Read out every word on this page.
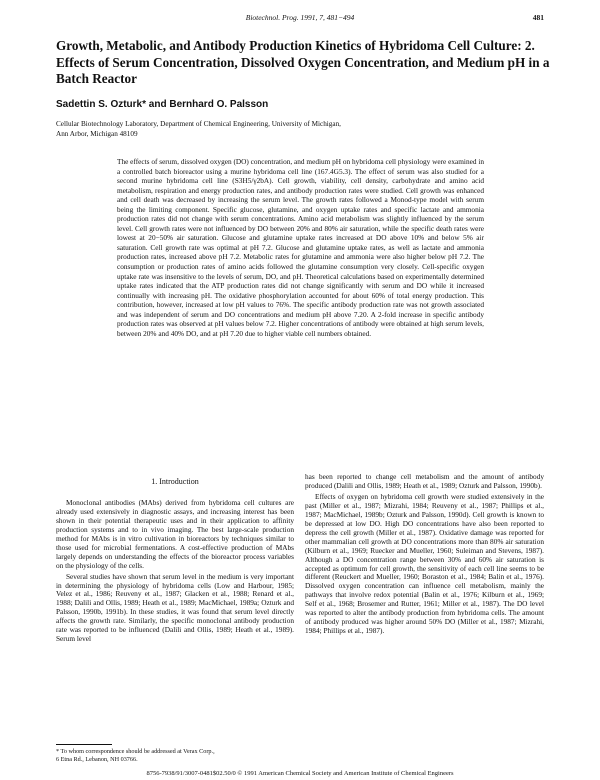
Biotechnol. Prog. 1991, 7, 481−494	481
Growth, Metabolic, and Antibody Production Kinetics of Hybridoma Cell Culture: 2. Effects of Serum Concentration, Dissolved Oxygen Concentration, and Medium pH in a Batch Reactor
Sadettin S. Ozturk* and Bernhard O. Palsson
Cellular Biotechnology Laboratory, Department of Chemical Engineering, University of Michigan,
Ann Arbor, Michigan 48109

The effects of serum, dissolved oxygen (DO) concentration, and medium pH on hybridoma cell physiology were examined in a controlled batch bioreactor using a murine hybridoma cell line (167.4G5.3). The effect of serum was also studied for a second murine hybridoma cell line (S3H5/γ2bA). Cell growth, viability, cell density, carbohydrate and amino acid metabolism, respiration and energy production rates, and antibody production rates were studied. Cell growth was enhanced and cell death was decreased by increasing the serum level. The growth rates followed a Monod-type model with serum being the limiting component. Specific glucose, glutamine, and oxygen uptake rates and specific lactate and ammonia production rates did not change with serum concentrations. Amino acid metabolism was slightly influenced by the serum level. Cell growth rates were not influenced by DO between 20% and 80% air saturation, while the specific death rates were lowest at 20−50% air saturation. Glucose and glutamine uptake rates increased at DO above 10% and below 5% air saturation. Cell growth rate was optimal at pH 7.2. Glucose and glutamine uptake rates, as well as lactate and ammonia production rates, increased above pH 7.2. Metabolic rates for glutamine and ammonia were also higher below pH 7.2. The consumption or production rates of amino acids followed the glutamine consumption very closely. Cell-specific oxygen uptake rate was insensitive to the levels of serum, DO, and pH. Theoretical calculations based on experimentally determined uptake rates indicated that the ATP production rates did not change significantly with serum and DO while it increased continually with increasing pH. The oxidative phosphorylation accounted for about 60% of total energy production. This contribution, however, increased at low pH values to 76%. The specific antibody production rate was not growth associated and was independent of serum and DO concentrations and medium pH above 7.20. A 2-fold increase in specific antibody production rates was observed at pH values below 7.2. Higher concentrations of antibody were obtained at high serum levels, between 20% and 40% DO, and at pH 7.20 due to higher viable cell numbers obtained.

1. Introduction

Monoclonal antibodies (MAbs) derived from hybridoma cell cultures are already used extensively in diagnostic assays, and increasing interest has been shown in their potential therapeutic uses and in their application to affinity production systems and to in vivo imaging. The best large-scale production method for MAbs is in vitro cultivation in bioreactors by techniques similar to those used for microbial fermentations. A cost-effective production of MAbs largely depends on understanding the effects of the bioreactor process variables on the physiology of the cells.

Several studies have shown that serum level in the medium is very important in determining the physiology of hybridoma cells (Low and Harbour, 1985; Velez et al., 1986; Reuveny et al., 1987; Glacken et al., 1988; Renard et al., 1988; Dalili and Ollis, 1989; Heath et al., 1989; MacMichael, 1989a; Ozturk and Palsson, 1990b, 1991b). In these studies, it was found that serum level directly affects the growth rate. Similarly, the specific monoclonal antibody production rate was reported to be influenced (Dalili and Ollis, 1989; Heath et al., 1989). Serum level

has been reported to change cell metabolism and the amount of antibody produced (Dalili and Ollis, 1989; Heath et al., 1989; Ozturk and Palsson, 1990b).

Effects of oxygen on hybridoma cell growth were studied extensively in the past (Miller et al., 1987; Mizrahi, 1984; Reuveny et al., 1987; Phillips et al., 1987; MacMichael, 1989b; Ozturk and Palsson, 1990d). Cell growth is known to be depressed at low DO. High DO concentrations have also been reported to depress the cell growth (Miller et al., 1987). Oxidative damage was reported for other mammalian cell growth at DO concentrations more than 80% air saturation (Kilburn et al., 1969; Ruecker and Mueller, 1960; Suleiman and Stevens, 1987). Although a DO concentration range between 30% and 60% air saturation is accepted as optimum for cell growth, the sensitivity of each cell line seems to be different (Reuckert and Mueller, 1960; Boraston et al., 1984; Balin et al., 1976). Dissolved oxygen concentration can influence cell metabolism, mainly the pathways that involve redox potential (Balin et al., 1976; Kilburn et al., 1969; Self et al., 1968; Brosemer and Rutter, 1961; Miller et al., 1987). The DO level was reported to alter the antibody production from hybridoma cells. The amount of antibody produced was higher around 50% DO (Miller et al., 1987; Mizrahi, 1984; Phillips et al., 1987).

* To whom correspondence should be addressed at Verax Corp.,
6 Etna Rd., Lebanon, NH 03766.
8756-7938/91/3007-0481$02.50/0 © 1991 American Chemical Society and American Institute of Chemical Engineers
